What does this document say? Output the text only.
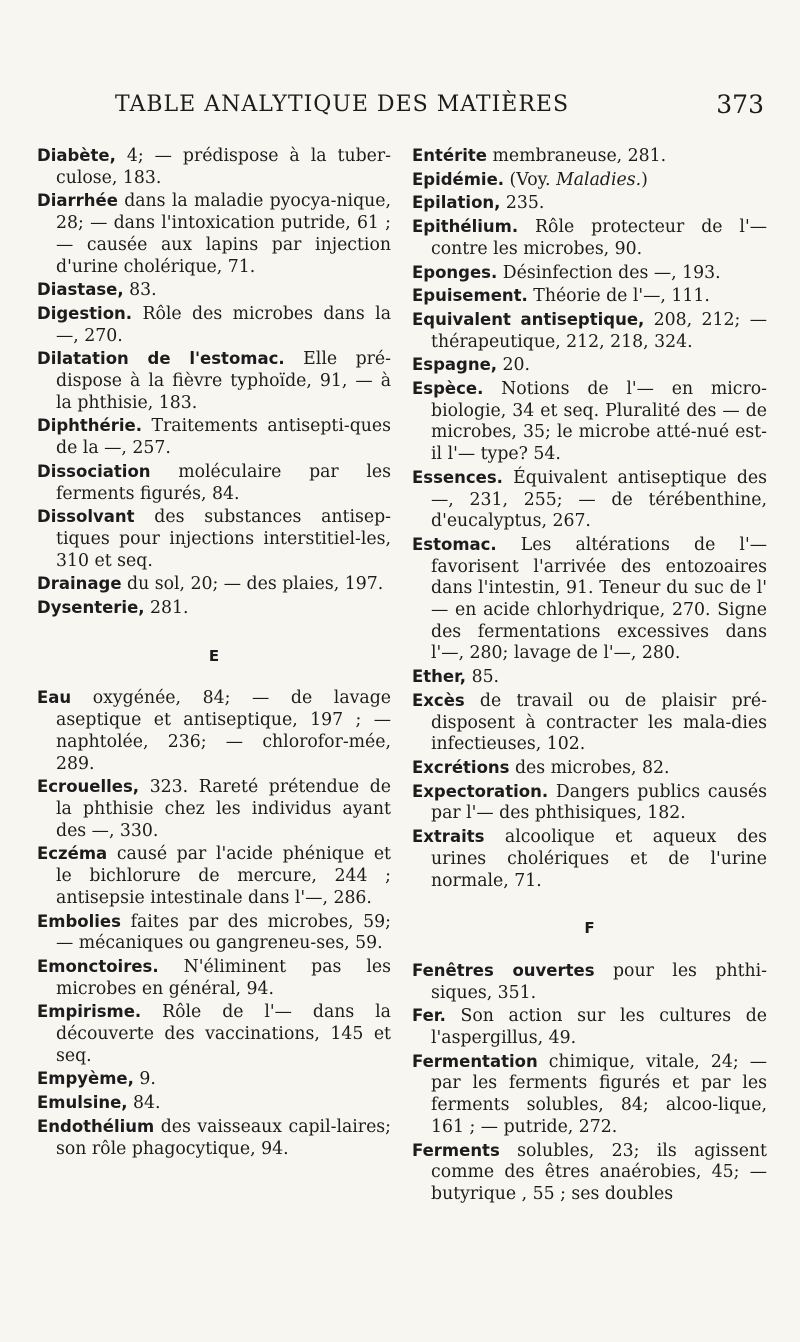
TABLE ANALYTIQUE DES MATIÈRES	373

Diabète, 4; — prédispose à la tuber-culose, 183.

Diarrhée dans la maladie pyocya-nique, 28; — dans l'intoxication putride, 61 ; — causée aux lapins par injection d'urine cholérique, 71.

Diastase, 83.

Digestion. Rôle des microbes dans la —, 270.

Dilatation de l'estomac. Elle pré-dispose à la fièvre typhoïde, 91, — à la phthisie, 183.

Diphthérie. Traitements antisepti-ques de la —, 257.

Dissociation moléculaire par les ferments figurés, 84.

Dissolvant des substances antisep-tiques pour injections interstitiel-les, 310 et seq.

Drainage du sol, 20; — des plaies, 197.

Dysenterie, 281.

E

Eau oxygénée, 84; — de lavage aseptique et antiseptique, 197 ; — naphtolée, 236; — chlorofor-mée, 289.

Ecrouelles, 323. Rareté prétendue de la phthisie chez les individus ayant des —, 330.

Eczéma causé par l'acide phénique et le bichlorure de mercure, 244 ; antisepsie intestinale dans l'—, 286.

Embolies faites par des microbes, 59; — mécaniques ou gangreneu-ses, 59.

Emonctoires. N'éliminent pas les microbes en général, 94.

Empirisme. Rôle de l'— dans la découverte des vaccinations, 145 et seq.

Empyème, 9.

Emulsine, 84.

Endothélium des vaisseaux capil-laires; son rôle phagocytique, 94.

Entérite membraneuse, 281.

Epidémie. (Voy. Maladies.)

Epilation, 235.

Epithélium. Rôle protecteur de l'— contre les microbes, 90.

Eponges. Désinfection des —, 193.

Epuisement. Théorie de l'—, 111.

Equivalent antiseptique, 208, 212; — thérapeutique, 212, 218, 324.

Espagne, 20.

Espèce. Notions de l'— en micro-biologie, 34 et seq. Pluralité des — de microbes, 35; le microbe atté-nué est-il l'— type? 54.

Essences. Équivalent antiseptique des —, 231, 255; — de térébenthine, d'eucalyptus, 267.

Estomac. Les altérations de l'— favorisent l'arrivée des entozoaires dans l'intestin, 91. Teneur du suc de l' — en acide chlorhydrique, 270. Signe des fermentations excessives dans l'—, 280; lavage de l'—, 280.

Ether, 85.

Excès de travail ou de plaisir pré-disposent à contracter les mala-dies infectieuses, 102.

Excrétions des microbes, 82.

Expectoration. Dangers publics causés par l'— des phthisiques, 182.

Extraits alcoolique et aqueux des urines cholériques et de l'urine normale, 71.

F

Fenêtres ouvertes pour les phthi-siques, 351.

Fer. Son action sur les cultures de l'aspergillus, 49.

Fermentation chimique, vitale, 24; — par les ferments figurés et par les ferments solubles, 84; alcoo-lique, 161 ; — putride, 272.

Ferments solubles, 23; ils agissent comme des êtres anaérobies, 45; — butyrique , 55 ; ses doubles
